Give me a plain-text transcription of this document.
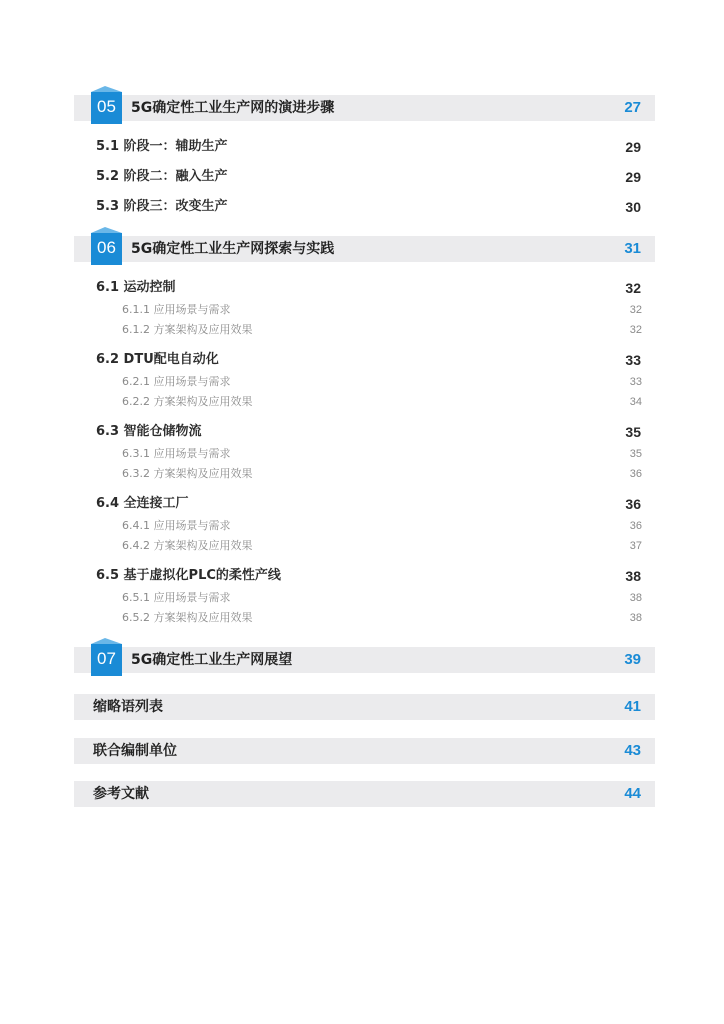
05	5G确定性工业生产网的演进步骤	27
5.1 阶段一：辅助生产	29
5.2 阶段二：融入生产	29
5.3 阶段三：改变生产	30
06	5G确定性工业生产网探索与实践	31
6.1 运动控制	32
6.1.1 应用场景与需求	32
6.1.2 方案架构及应用效果	32
6.2 DTU配电自动化	33
6.2.1 应用场景与需求	33
6.2.2 方案架构及应用效果	34
6.3 智能仓储物流	35
6.3.1 应用场景与需求	35
6.3.2 方案架构及应用效果	36
6.4 全连接工厂	36
6.4.1 应用场景与需求	36
6.4.2 方案架构及应用效果	37
6.5 基于虚拟化PLC的柔性产线	38
6.5.1 应用场景与需求	38
6.5.2 方案架构及应用效果	38
07	5G确定性工业生产网展望	39
缩略语列表	41
联合编制单位	43
参考文献	44
